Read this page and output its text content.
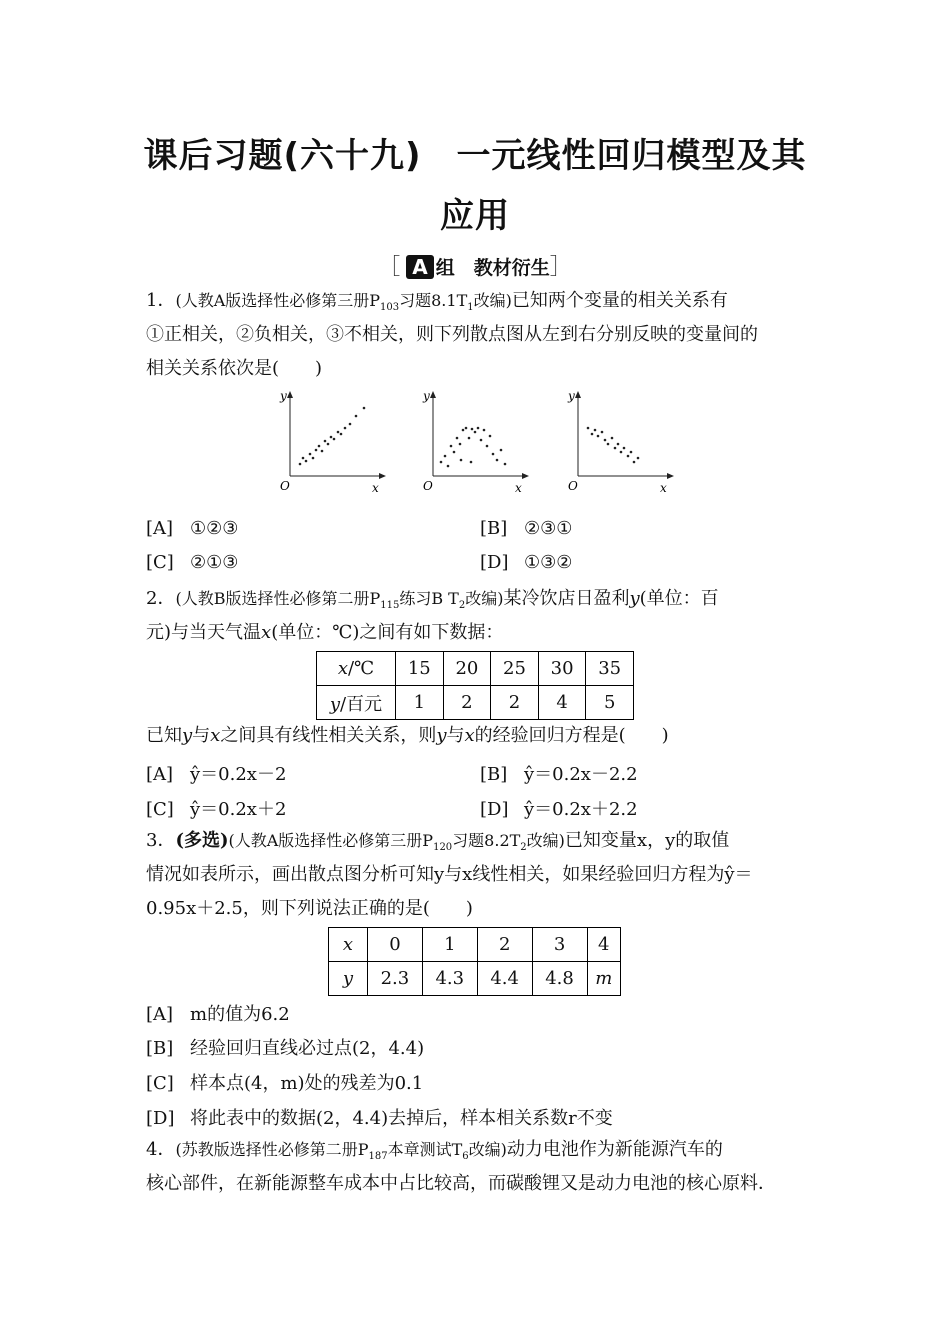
课后习题(六十九)　一元线性回归模型及其
应用
［ A 组　教材衍生］
1．(人教A版选择性必修第三册$P_{103}$习题$8.1T_1$改编)已知两个变量的相关关系有
①正相关，②负相关，③不相关，则下列散点图从左到右分别反映的变量间的
相关关系依次是(　　)
y
x
O
y
x
O
y
x
O
[A] ①②③	[B] ②③①
[C] ②①③	[D] ①③②
2．(人教B版选择性必修第二册$P_{115}$练习B $T_2$改编)某冷饮店日盈利y(单位：百
元)与当天气温x(单位：℃)之间有如下数据：
x/℃	15	20	25	30	35
y/百元	1	2	2	4	5
已知y与x之间具有线性相关关系，则y与x的经验回归方程是(　　)
[A] ŷ＝0.2x－2	[B] ŷ＝0.2x－2.2
[C] ŷ＝0.2x＋2	[D] ŷ＝0.2x＋2.2
3．(多选)(人教A版选择性必修第三册$P_{120}$习题$8.2T_2$改编)已知变量x，y的取值
情况如表所示，画出散点图分析可知y与x线性相关，如果经验回归方程为ŷ＝
0.95x＋2.5，则下列说法正确的是(　　)
x	0	1	2	3	4
y	2.3	4.3	4.4	4.8	m
[A] m的值为6.2
[B] 经验回归直线必过点(2，4.4)
[C] 样本点(4，m)处的残差为0.1
[D] 将此表中的数据(2，4.4)去掉后，样本相关系数r不变
4．(苏教版选择性必修第二册$P_{187}$本章测试$T_6$改编)动力电池作为新能源汽车的
核心部件，在新能源整车成本中占比较高，而碳酸锂又是动力电池的核心原料．
